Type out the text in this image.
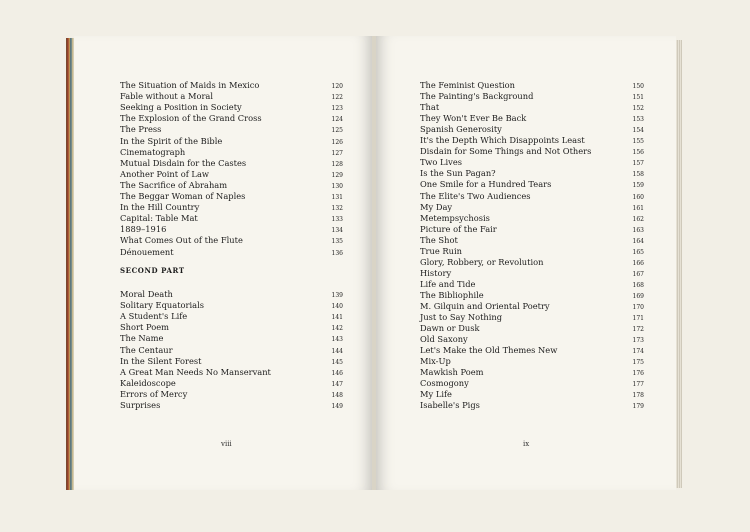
The Situation of Maids in Mexico	120
Fable without a Moral	122
Seeking a Position in Society	123
The Explosion of the Grand Cross	124
The Press	125
In the Spirit of the Bible	126
Cinematograph	127
Mutual Disdain for the Castes	128
Another Point of Law	129
The Sacrifice of Abraham	130
The Beggar Woman of Naples	131
In the Hill Country	132
Capital: Table Mat	133
1889–1916	134
What Comes Out of the Flute	135
Dénouement	136
Moral Death	139
Solitary Equatorials	140
A Student's Life	141
Short Poem	142
The Name	143
The Centaur	144
In the Silent Forest	145
A Great Man Needs No Manservant	146
Kaleidoscope	147
Errors of Mercy	148
Surprises	149
SECOND PART
viii
The Feminist Question	150
The Painting's Background	151
That	152
They Won't Ever Be Back	153
Spanish Generosity	154
It's the Depth Which Disappoints Least	155
Disdain for Some Things and Not Others	156
Two Lives	157
Is the Sun Pagan?	158
One Smile for a Hundred Tears	159
The Elite's Two Audiences	160
My Day	161
Metempsychosis	162
Picture of the Fair	163
The Shot	164
True Ruin	165
Glory, Robbery, or Revolution	166
History	167
Life and Tide	168
The Bibliophile	169
M. Gilquin and Oriental Poetry	170
Just to Say Nothing	171
Dawn or Dusk	172
Old Saxony	173
Let's Make the Old Themes New	174
Mix-Up	175
Mawkish Poem	176
Cosmogony	177
My Life	178
Isabelle's Pigs	179
ix
